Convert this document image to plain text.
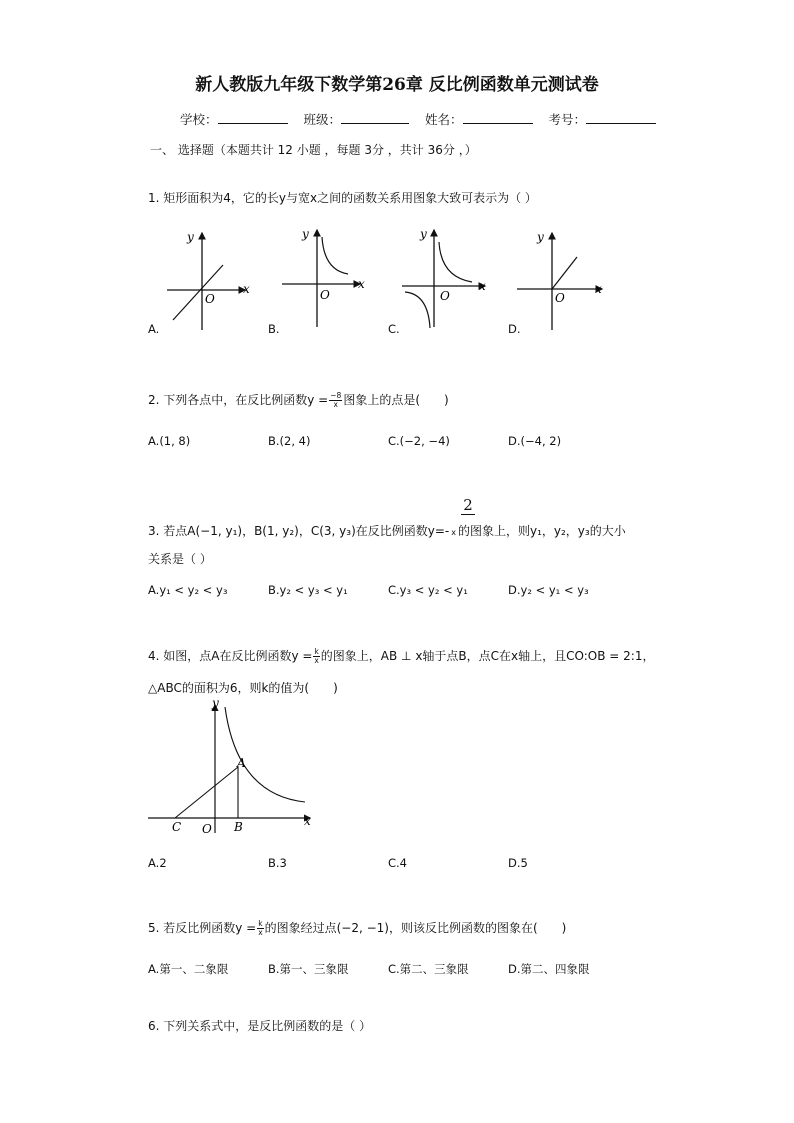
新人教版九年级下数学第26章 反比例函数单元测试卷
学校：	班级：	姓名：	考号：
一、 选择题（本题共计 12 小题 ，每题 3分 ，共计 36分 ，）
1. 矩形面积为4，它的长y与宽x之间的函数关系用图象大致可表示为（ ）
y
x
O
A.
y
x
O
B.
y
x
O
C.
y
x
O
D.
2. 下列各点中，在反比例函数$y = \frac{-8}{x}$ 图象上的点是(　　)
A.(1, 8)	B.(2, 4)	C.(−2, −4)	D.(−4, 2)
2
3. 若点A(−1, y₁)，B(1, y₂)，C(3, y₃)在反比例函数y=- x 的图象上，则y₁，y₂，y₃的大小
关系是（ ）
A.y₁ < y₂ < y₃	B.y₂ < y₃ < y₁	C.y₃ < y₂ < y₁	D.y₂ < y₁ < y₃
4. 如图，点A在反比例函数$y = \frac{k}{x}$ 的图象上，AB ⊥ x轴于点B，点C在x轴上，且CO:OB = 2:1，
△ABC的面积为6，则k的值为(　　)
y
x
A
B
C O
A.2	B.3	C.4	D.5
5. 若反比例函数$y = \frac{k}{x}$ 的图象经过点(−2, −1)，则该反比例函数的图象在(　　)
A.第一、二象限	B.第一、三象限	C.第二、三象限	D.第二、四象限
6. 下列关系式中，是反比例函数的是（ ）
